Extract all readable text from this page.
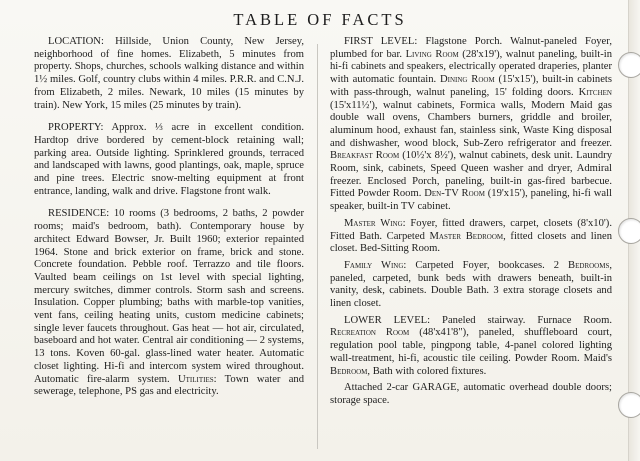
TABLE OF FACTS

LOCATION: Hillside, Union County, New Jersey, neighborhood of fine homes. Elizabeth, 5 minutes from property. Shops, churches, schools walking distance and within 1½ miles. Golf, country clubs within 4 miles. P.R.R. and C.N.J. from Elizabeth, 2 miles. Newark, 10 miles (15 minutes by train). New York, 15 miles (25 minutes by train).

PROPERTY: Approx. ⅓ acre in excellent condition. Hardtop drive bordered by cement-block retaining wall; parking area. Outside lighting. Sprinklered grounds, terraced and landscaped with lawns, good plantings, oak, maple, spruce and pine trees. Electric snow-melting equipment at front entrance, landing, walk and drive. Flagstone front walk.

RESIDENCE: 10 rooms (3 bedrooms, 2 baths, 2 powder rooms; maid's bedroom, bath). Contemporary house by architect Edward Bowser, Jr. Built 1960; exterior repainted 1964. Stone and brick exterior on frame, brick and stone. Concrete foundation. Pebble roof. Terrazzo and tile floors. Vaulted beam ceilings on 1st level with special lighting, mercury switches, dimmer controls. Storm sash and screens. Insulation. Copper plumbing; baths with marble-top vanities, vent fans, ceiling heating units, custom medicine cabinets; single lever faucets throughout. Gas heat — hot air, circulated, baseboard and hot water. Central air conditioning — 2 systems, 13 tons. Koven 60-gal. glass-lined water heater. Automatic closet lighting. Hi-fi and intercom system wired throughout. Automatic fire-alarm system. Utilities: Town water and sewerage, telephone, PS gas and electricity.

FIRST LEVEL: Flagstone Porch. Walnut-paneled Foyer, plumbed for bar. Living Room (28'x19'), walnut paneling, built-in hi-fi cabinets and speakers, electrically operated draperies, planter with automatic fountain. Dining Room (15'x15'), built-in cabinets with pass-through, walnut paneling, 15' folding doors. Kitchen (15'x11½'), walnut cabinets, Formica walls, Modern Maid gas double wall ovens, Chambers burners, griddle and broiler, aluminum hood, exhaust fan, stainless sink, Waste King disposal and dishwasher, wood block, Sub-Zero refrigerator and freezer. Breakfast Room (10½'x 8½'), walnut cabinets, desk unit. Laundry Room, sink, cabinets, Speed Queen washer and dryer, Admiral freezer. Enclosed Porch, paneling, built-in gas-fired barbecue. Fitted Powder Room. Den-TV Room (19'x15'), paneling, hi-fi wall speaker, built-in TV cabinet.

Master Wing: Foyer, fitted drawers, carpet, closets (8'x10'). Fitted Bath. Carpeted Master Bedroom, fitted closets and linen closet. Bed-Sitting Room.

Family Wing: Carpeted Foyer, bookcases. 2 Bedrooms, paneled, carpeted, bunk beds with drawers beneath, built-in vanity, desk, cabinets. Double Bath. 3 extra storage closets and linen closet.

LOWER LEVEL: Paneled stairway. Furnace Room. Recreation Room (48'x41'8"), paneled, shuffleboard court, regulation pool table, pingpong table, 4-panel colored lighting wall-treatment, hi-fi, acoustic tile ceiling. Powder Room. Maid's Bedroom, Bath with colored fixtures.

Attached 2-car GARAGE, automatic overhead double doors; storage space.
